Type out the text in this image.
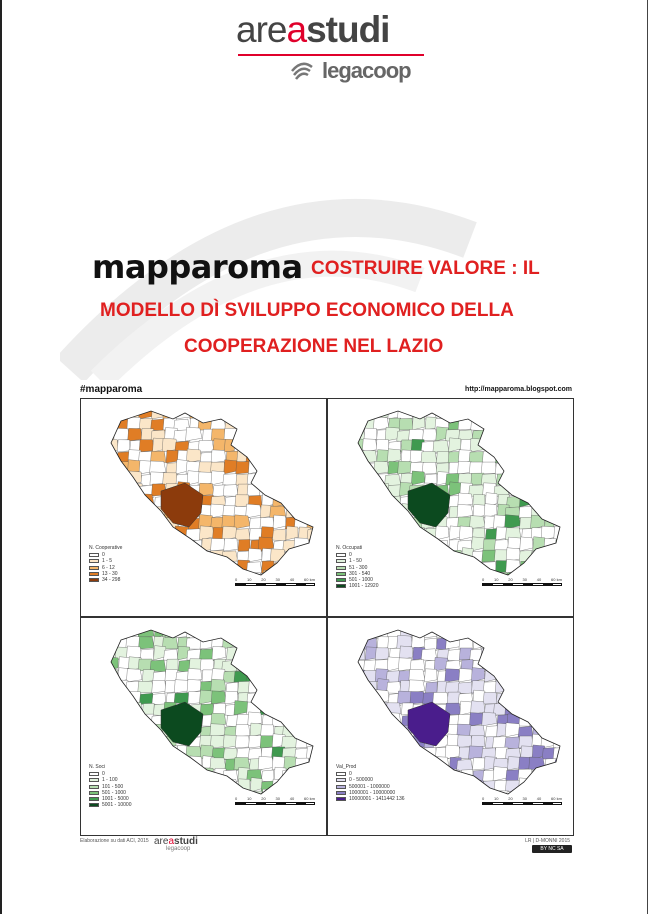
areastudi
legacoop
mapparoma COSTRUIRE VALORE : IL
MODELLO DÌ SVILUPPO ECONOMICO DELLA
COOPERAZIONE NEL LAZIO
#mapparoma	http://mapparoma.blogspot.com
N. Cooperative
0
1 - 5
6 - 12
13 - 30
34 - 298	0 10 20 30 40 60 km
N. Occupati
0
1 - 50
51 - 300
301 - 540
501 - 1000
1001 - 12920
0 10 20 30 40 60 km
N. Soci
0
1 - 100
101 - 500
501 - 1000
1001 - 5000
5001 - 10000
0 10 20 30 40 60 km
Val_Prod
0
0 - 500000
500001 - 1000000
1000001 - 10000000
10000001 - 1411442 136	0 10 20 30 40 60 km
Elaborazione su dati ACI, 2015 areastudi
legacoop
LR | D-MONNI 2015
BY NC SA
